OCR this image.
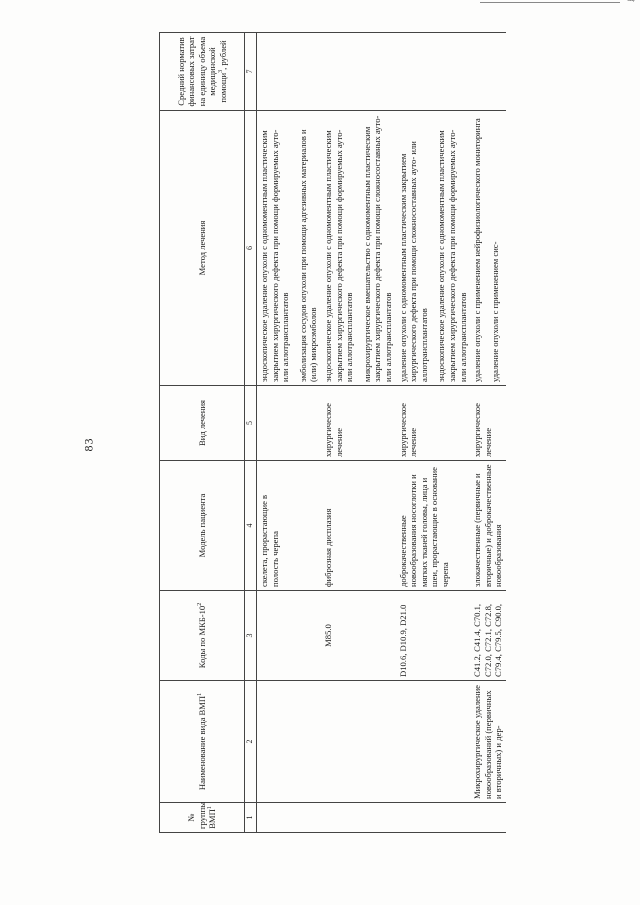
‾˜ˆ′
83
№ группы ВМП$^1$	Наименование вида ВМП$^1$	Коды по МКБ-$10^2$	Модель пациента	Вид лечения	Метод лечения	Средний норматив финансовых затрат на единицу объема медицинской помощи$^3$, рублей
1	2	3	4	5	6	7
			скелета, прорастающие в полость черепа		эндоскопическое удаление опухоли с одномоментным пластическим закрытием хирургического дефекта при помощи формируемых ауто- или аллотрансплантатов эмболизация сосудов опухоли при помощи адгезивных материалов и (или) микроэмболов	

		M85.0	фиброзная дисплазия	хирургическое лечение	эндоскопическое удаление опухоли с одномоментным пластическим закрытием хирургического дефекта при помощи формируемых ауто- или аллотрансплантатов микрохирургическое вмешательство с одномоментным пластическим закрытием хирургического дефекта при помощи сложносоставных ауто- или аллотрансплантатов	

		D10.6, D10.9, D21.0	доброкачественные новообразования носоглотки и мягких тканей головы, лица и шеи, прорастающие в основание черепа	хирургическое лечение	удаление опухоли с одномоментным пластическим закрытием хирургического дефекта при помощи сложносоставных ауто- или аллотрансплантатов эндоскопическое удаление опухоли с одномоментным пластическим закрытием хирургического дефекта при помощи формируемых ауто- или аллотрансплантатов	

	Микрохирургическое удаление новообразований (первичных и вторичных) и дер-	C41.2, C41.4, C70.1, C72.0, C72.1, C72.8, C79.4, C79.5, C90.0,	злокачественные (первичные и вторичные) и доброкачественные новообразования	хирургическое лечение	удаление опухоли с применением нейрофизиологического мониторинга удаление опухоли с применением сис-	
